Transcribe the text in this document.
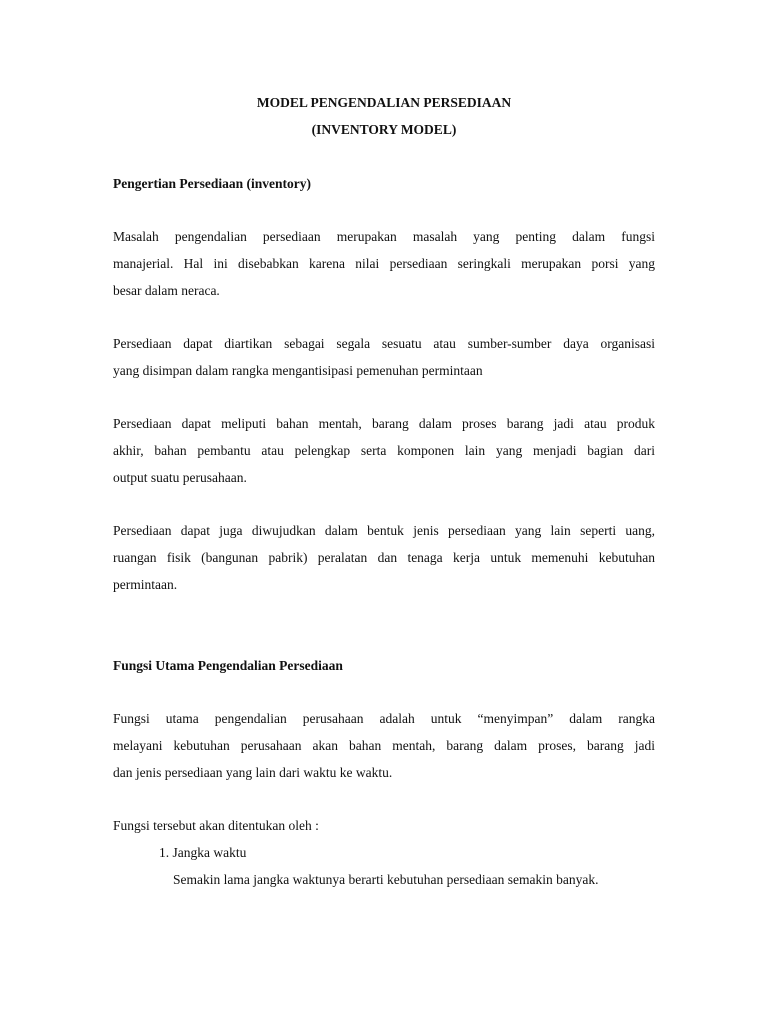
MODEL PENGENDALIAN PERSEDIAAN

(INVENTORY MODEL)

Pengertian Persediaan (inventory)

Masalah pengendalian persediaan merupakan masalah yang penting dalam fungsi

manajerial. Hal ini disebabkan karena nilai persediaan seringkali merupakan porsi yang

besar dalam neraca.

Persediaan dapat diartikan sebagai segala sesuatu atau sumber-sumber daya organisasi

yang disimpan dalam rangka mengantisipasi pemenuhan permintaan

Persediaan dapat meliputi bahan mentah, barang dalam proses barang jadi atau produk

akhir, bahan pembantu atau pelengkap serta komponen lain yang menjadi bagian dari

output suatu perusahaan.

Persediaan dapat juga diwujudkan dalam bentuk jenis persediaan yang lain seperti uang,

ruangan fisik (bangunan pabrik) peralatan dan tenaga kerja untuk memenuhi kebutuhan

permintaan.

Fungsi Utama Pengendalian Persediaan

Fungsi utama pengendalian perusahaan adalah untuk “menyimpan” dalam rangka

melayani kebutuhan perusahaan akan bahan mentah, barang dalam proses, barang jadi

dan jenis persediaan yang lain dari waktu ke waktu.

Fungsi tersebut akan ditentukan oleh :

1. Jangka waktu

Semakin lama jangka waktunya berarti kebutuhan persediaan semakin banyak.
